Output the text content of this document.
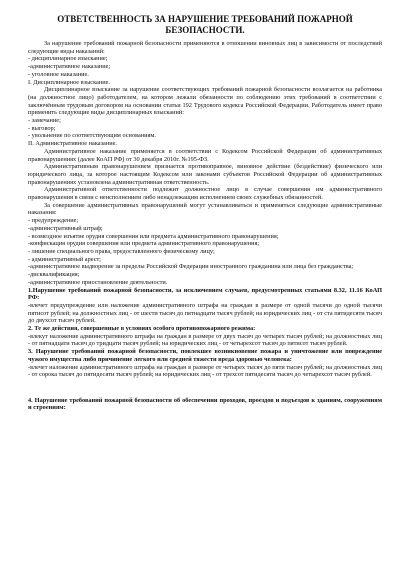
ОТВЕТСТВЕННОСТЬ ЗА НАРУШЕНИЕ ТРЕБОВАНИЙ ПОЖАРНОЙ
БЕЗОПАСНОСТИ.

За нарушение требований пожарной безопасности применяются в отношении виновных лиц в зависимости от последствий следующие виды наказаний:

- дисциплинарное взыскание;

-административное наказание;

- уголовное наказание.

I. Дисциплинарное взыскание.

Дисциплинарное взыскание за нарушение соответствующих требований пожарной безопасности возлагается на работника (на должностное лицо) работодателем, на котором лежали обязанности по соблюдению этих требований в соответствии с заключённым трудовым договором на основании статьи 192 Трудового кодекса Российской Федерации. Работодатель имеет право применить следующие виды дисциплинарных взысканий:

- замечание;

- выговор;

- увольнение по соответствующим основаниям.

II. Административное наказание.

Административное наказание применяется в соответствии с Кодексом Российской Федерации об административных правонарушениях (далее КоАП РФ) от 30 декабря 2010г. №195-ФЗ.

Административным правонарушением признается противоправное, виновное действие (бездействие) физического или юридического лица, за которое настоящим Кодексом или законами субъектов Российской Федерации об административных правонарушениях установлена административная ответственность.

Административной ответственности подлежит должностное лицо в случае совершения им административного правонарушения в связи с неисполнением либо ненадлежащим исполнением своих служебных обязанностей.

За совершение административных правонарушений могут устанавливаться и применяться следующие административные наказания:

- предупреждение;

-административный штраф;

- возмездное изъятие орудия совершения или предмета административного правонарушения;

-конфискация орудия совершения или предмета административного правонарушения;

- лишение специального права, предоставленного физическому лицу;

- административный арест;

-административное выдворение за пределы Российской Федерации иностранного гражданина или лица без гражданства;

-дисквалификация;

-административное приостановление деятельности.

1.Нарушение требований пожарной безопасности, за исключением случаев, предусмотренных статьями 8.32, 11.16 КоАП РФ:

-влечет предупреждение или наложение административного штрафа на граждан в размере от одной тысячи до одной тысячи пятисот рублей; на должностных лиц - от шести тысяч до пятнадцати тысяч рублей; на юридических лиц - от ста пятидесяти тысяч до двухсот тысяч рублей.

2. Те же действия, совершенные в условиях особого противопожарного режима:

-влекут наложение административного штрафа на граждан в размере от двух тысяч до четырех тысяч рублей; на должностных лиц - от пятнадцати тысяч до тридцати тысяч рублей; на юридических лиц - от четырехсот тысяч до пятисот тысяч рублей.

3. Нарушение требований пожарной безопасности, повлекшее возникновение пожара и уничтожение или повреждение чужого имущества либо причинение легкого или средней тяжести вреда здоровью человека:

-влечет наложение административного штрафа на граждан в размере от четырех тысяч до пяти тысяч рублей; на должностных лиц - от сорока тысяч до пятидесяти тысяч рублей; на юридических лиц - от трехсот пятидесяти тысяч до четырехсот тысяч рублей.

4. Нарушение требований пожарной безопасности об обеспечении проходов, проездов и подъездов к зданиям, сооружениям и строениям:
